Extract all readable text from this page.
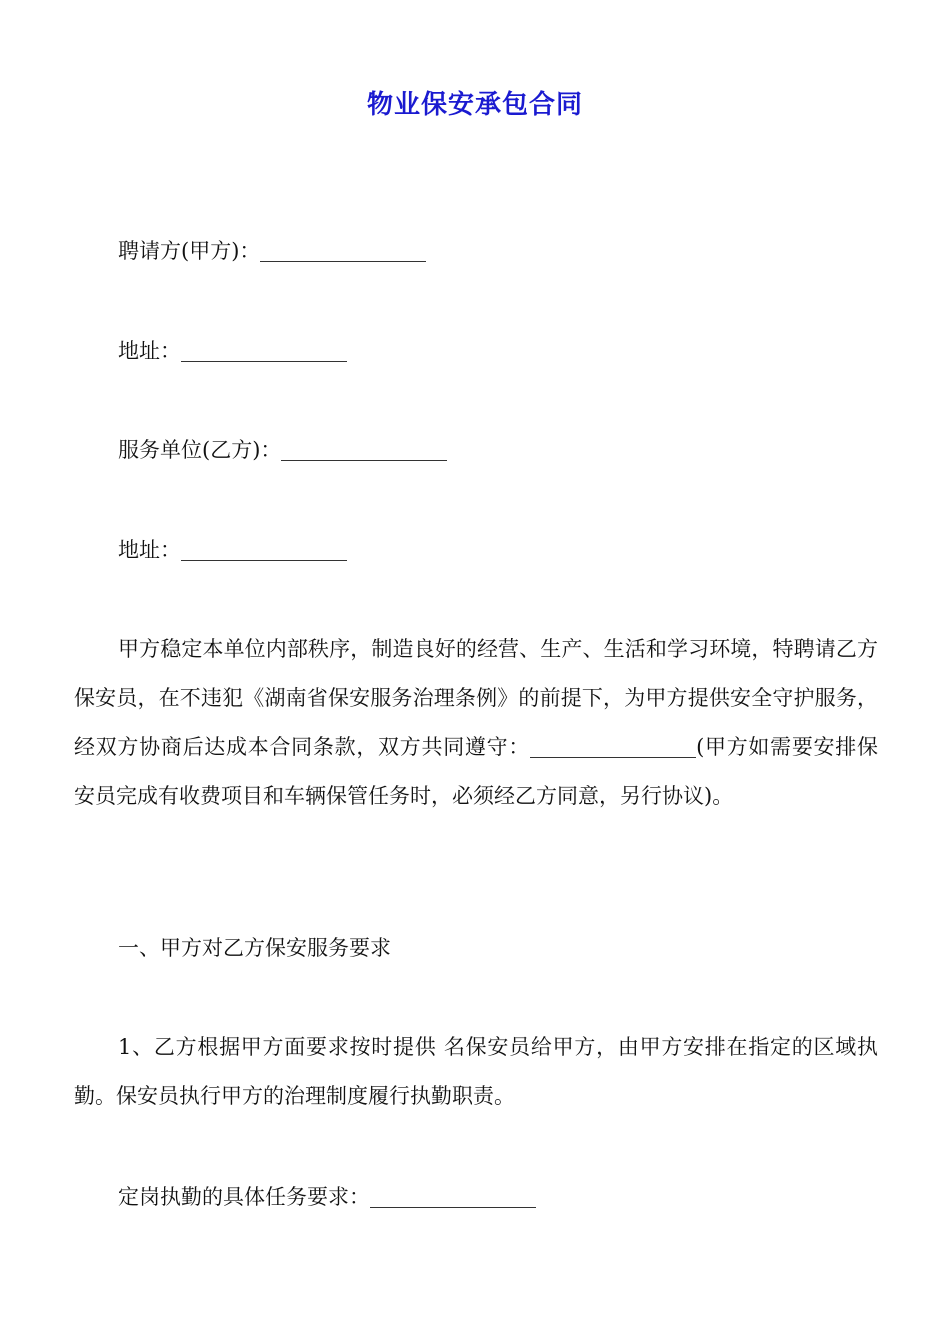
物业保安承包合同
聘请方(甲方)：
地址：
服务单位(乙方)：
地址：
甲方稳定本单位内部秩序，制造良好的经营、生产、生活和学习环境，特聘请乙方保安员，在不违犯《湖南省保安服务治理条例》的前提下，为甲方提供安全守护服务，经双方协商后达成本合同条款，双方共同遵守：	(甲方如需要安排保安员完成有收费项目和车辆保管任务时，必须经乙方同意，另行协议)。
一、甲方对乙方保安服务要求
1、乙方根据甲方面要求按时提供 名保安员给甲方，由甲方安排在指定的区域执勤。保安员执行甲方的治理制度履行执勤职责。
定岗执勤的具体任务要求：
